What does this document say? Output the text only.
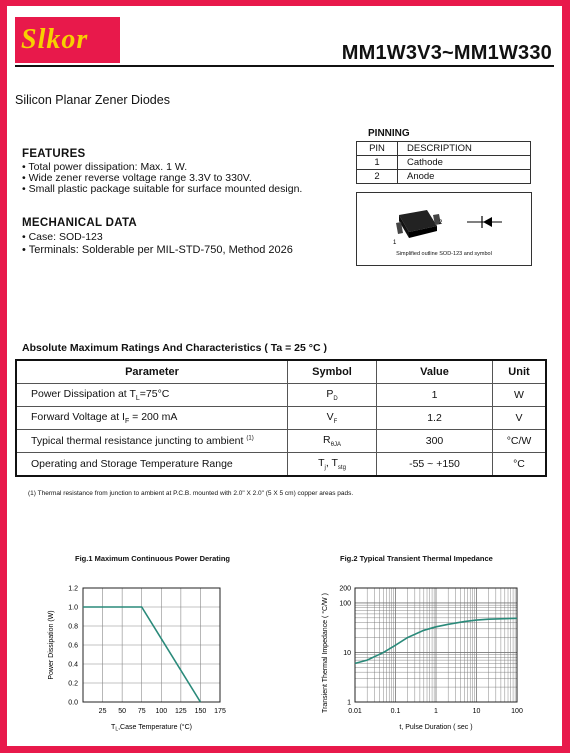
Slkor	MM1W3V3~MM1W330
Silicon Planar Zener Diodes
FEATURES
• Total power dissipation: Max. 1 W.
• Wide zener reverse voltage range 3.3V to 330V.
• Small plastic package suitable for surface mounted design.
MECHANICAL DATA
• Case: SOD-123
• Terminals: Solderable per MIL-STD-750, Method 2026
PINNING
PIN	DESCRIPTION
1	Cathode
2	Anode
1
2
Simplified outline SOD-123 and symbol
Absolute Maximum Ratings And Characteristics ( Ta = 25 °C )
Parameter	Symbol	Value	Unit
Power Dissipation at $T_L=75^\circ C$	$P_D$	1	W
Forward Voltage at $I_F = 200$ mA	$V_F$	1.2	V
Typical thermal resistance juncting to ambient $^{(1)}$	$R_{\theta JA}$	300	°C/W
Operating and Storage Temperature Range	$T_j$, $T_{stg}$	-55 ~ +150	°C
(1) Thermal resistance from junction to ambient at P.C.B. mounted with 2.0" X 2.0" (5 X 5 cm) copper areas pads.
Fig.1 Maximum Continuous Power Derating
25 50 75 100 125 150 175
0.0
0.2
0.4
0.6
0.8
1.0
1.2
$T_L,Case$ Temperature (°C)
Power Dissipation (W)
Fig.2 Typical Transient Thermal Impedance
0.01	0.1	1	10	100
1
10
100
200
t, Pulse Duration ( sec )
Transient Thermal Impedance ( °C/W )
